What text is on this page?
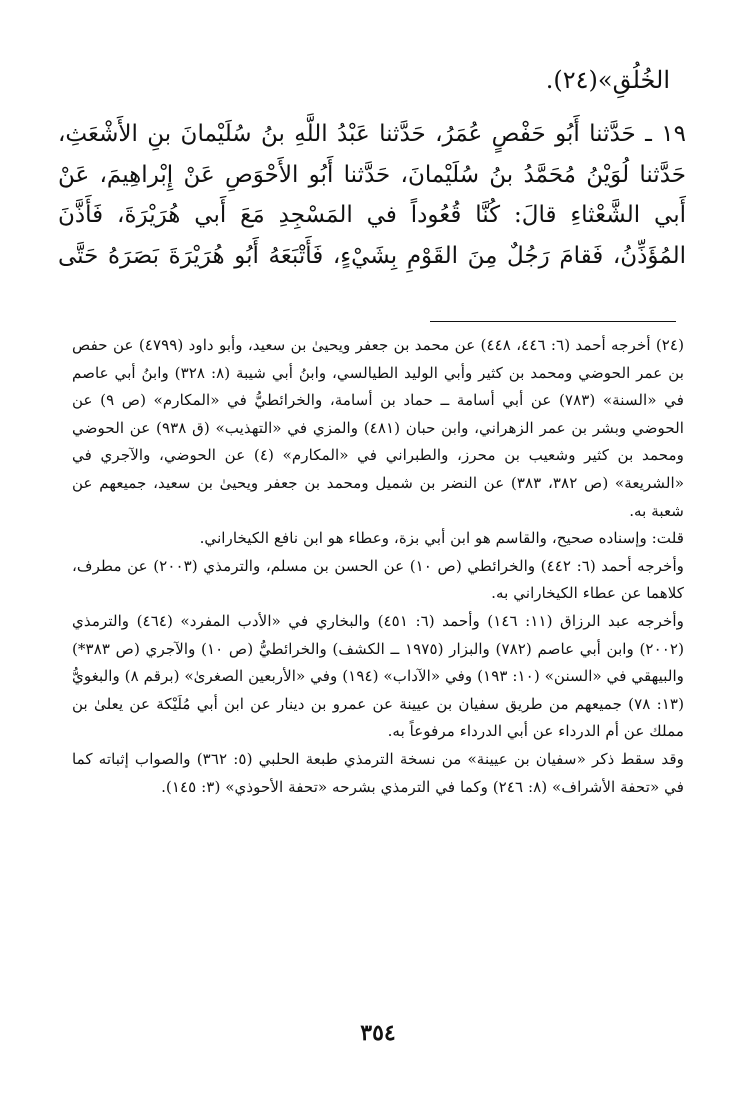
الخُلُقِ»(٢٤).
١٩ ـ حَدَّثنا أَبُو حَفْصٍ عُمَرُ، حَدَّثنا عَبْدُ اللَّهِ بنُ سُلَيْمانَ بنِ الأَشْعَثِ، حَدَّثنا لُوَيْنُ مُحَمَّدُ بنُ سُلَيْمانَ، حَدَّثنا أَبُو الأَحْوَصِ عَنْ إِبْراهِيمَ، عَنْ أَبي الشَّعْثاءِ قالَ: كُنَّا قُعُوداً في المَسْجِدِ مَعَ أَبي هُرَيْرَةَ، فَأَذَّنَ المُؤَذِّنُ، فَقامَ رَجُلٌ مِنَ القَوْمِ بِشَيْءٍ، فَأَتْبَعَهُ أَبُو هُرَيْرَةَ بَصَرَهُ حَتَّى

(٢٤) أخرجه أحمد (٦: ٤٤٦، ٤٤٨) عن محمد بن جعفر ويحيىٰ بن سعيد، وأبو داود (٤٧٩٩) عن حفص بن عمر الحوضي ومحمد بن كثير وأبي الوليد الطيالسي، وابنُ أبي شيبة (٨: ٣٢٨) وابنُ أبي عاصم في «السنة» (٧٨٣) عن أبي أسامة ــ حماد بن أسامة، والخرائطيُّ في «المكارم» (ص ٩) عن الحوضي وبشر بن عمر الزهراني، وابن حبان (٤٨١) والمزي في «التهذيب» (ق ٩٣٨) عن الحوضي ومحمد بن كثير وشعيب بن محرز، والطبراني في «المكارم» (٤) عن الحوضي، والآجري في «الشريعة» (ص ٣٨٢، ٣٨٣) عن النضر بن شميل ومحمد بن جعفر ويحيىٰ بن سعيد، جميعهم عن شعبة به.

قلت: وإسناده صحيح، والقاسم هو ابن أبي بزة، وعطاء هو ابن نافع الكيخاراني.

وأخرجه أحمد (٦: ٤٤٢) والخرائطي (ص ١٠) عن الحسن بن مسلم، والترمذي (٢٠٠٣) عن مطرف، كلاهما عن عطاء الكيخاراني به.

وأخرجه عبد الرزاق (١١: ١٤٦) وأحمد (٦: ٤٥١) والبخاري في «الأدب المفرد» (٤٦٤) والترمذي (٢٠٠٢) وابن أبي عاصم (٧٨٢) والبزار (١٩٧٥ ــ الكشف) والخرائطيُّ (ص ١٠) والآجري (ص ٣٨٣*) والبيهقي في «السنن» (١٠: ١٩٣) وفي «الآداب» (١٩٤) وفي «الأربعين الصغرىٰ» (برقم ٨) والبغويُّ (١٣: ٧٨) جميعهم من طريق سفيان بن عيينة عن عمرو بن دينار عن ابن أبي مُلَيْكة عن يعلىٰ بن مملك عن أم الدرداء عن أبي الدرداء مرفوعاً به.

وقد سقط ذكر «سفيان بن عيينة» من نسخة الترمذي طبعة الحلبي (٥: ٣٦٢) والصواب إثباته كما في «تحفة الأشراف» (٨: ٢٤٦) وكما في الترمذي بشرحه «تحفة الأحوذي» (٣: ١٤٥).

٣٥٤
